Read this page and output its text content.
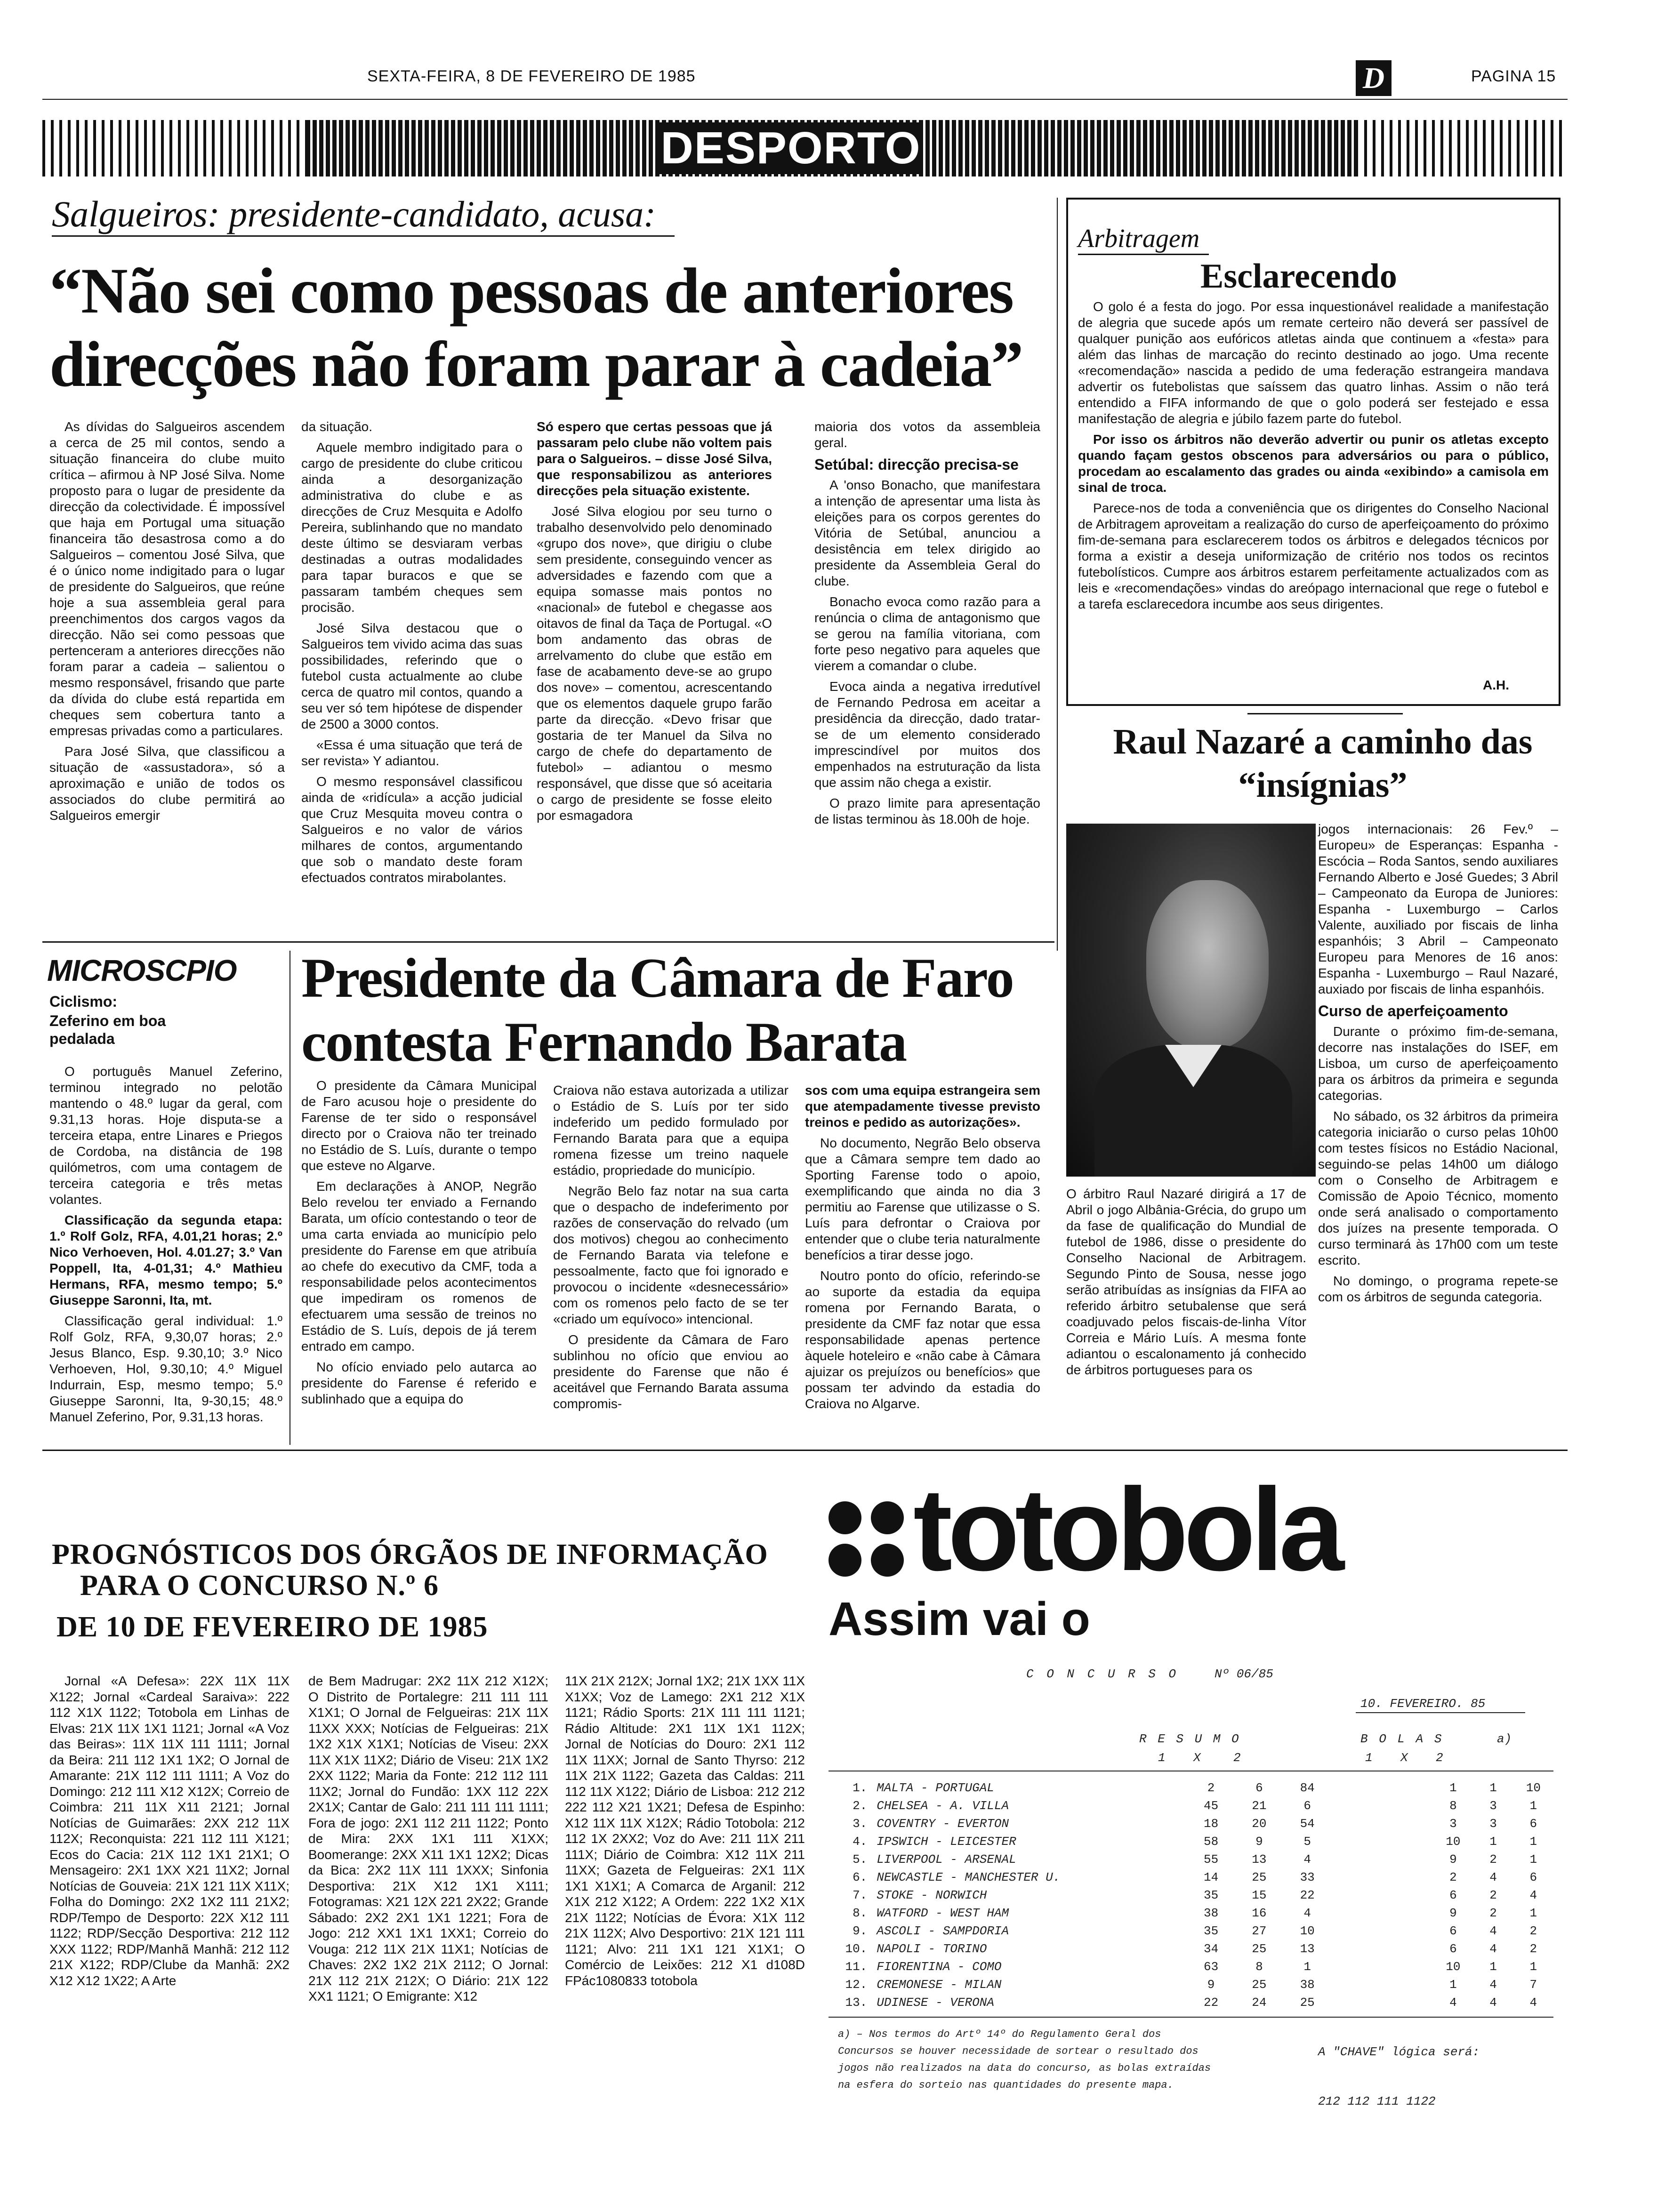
SEXTA-FEIRA, 8 DE FEVEREIRO DE 1985	D	PAGINA 15
DESPORTO
Salgueiros: presidente-candidato, acusa:
“Não sei como pessoas de anteriores direcções não foram parar à cadeia”

As dívidas do Salgueiros ascendem a cerca de 25 mil contos, sendo a situação financeira do clube muito crítica – afirmou à NP José Silva. Nome proposto para o lugar de presidente da direcção da colectividade. É impossível que haja em Portugal uma situação financeira tão desastrosa como a do Salgueiros – comentou José Silva, que é o único nome indigitado para o lugar de presidente do Salgueiros, que reúne hoje a sua assembleia geral para preenchimentos dos cargos vagos da direcção. Não sei como pessoas que pertenceram a anteriores direcções não foram parar a cadeia – salientou o mesmo responsável, frisando que parte da dívida do clube está repartida em cheques sem cobertura tanto a empresas privadas como a particulares.

Para José Silva, que classificou a situação de «assustadora», só a aproximação e união de todos os associados do clube permitirá ao Salgueiros emergir

da situação.

Aquele membro indigitado para o cargo de presidente do clube criticou ainda a desorganização administrativa do clube e as direcções de Cruz Mesquita e Adolfo Pereira, sublinhando que no mandato deste último se desviaram verbas destinadas a outras modalidades para tapar buracos e que se passaram também cheques sem procisão.

José Silva destacou que o Salgueiros tem vivido acima das suas possibilidades, referindo que o futebol custa actualmente ao clube cerca de quatro mil contos, quando a seu ver só tem hipótese de dispender de 2500 a 3000 contos.

«Essa é uma situação que terá de ser revista» Y adiantou.

O mesmo responsável classificou ainda de «ridícula» a acção judicial que Cruz Mesquita moveu contra o Salgueiros e no valor de vários milhares de contos, argumentando que sob o mandato deste foram efectuados contratos mirabolantes.

Só espero que certas pessoas que já passaram pelo clube não voltem pais para o Salgueiros. – disse José Silva, que responsabilizou as anteriores direcções pela situação existente.

José Silva elogiou por seu turno o trabalho desenvolvido pelo denominado «grupo dos nove», que dirigiu o clube sem presidente, conseguindo vencer as adversidades e fazendo com que a equipa somasse mais pontos no «nacional» de futebol e chegasse aos oitavos de final da Taça de Portugal. «O bom andamento das obras de arrelvamento do clube que estão em fase de acabamento deve-se ao grupo dos nove» – comentou, acrescentando que os elementos daquele grupo farão parte da direcção. «Devo frisar que gostaria de ter Manuel da Silva no cargo de chefe do departamento de futebol» – adiantou o mesmo responsável, que disse que só aceitaria o cargo de presidente se fosse eleito por esmagadora

maioria dos votos da assembleia geral.

Setúbal: direcção precisa-se

A 'onso Bonacho, que manifestara a intenção de apresentar uma lista às eleições para os corpos gerentes do Vitória de Setúbal, anunciou a desistência em telex dirigido ao presidente da Assembleia Geral do clube.

Bonacho evoca como razão para a renúncia o clima de antagonismo que se gerou na família vitoriana, com forte peso negativo para aqueles que vierem a comandar o clube.

Evoca ainda a negativa irredutível de Fernando Pedrosa em aceitar a presidência da direcção, dado tratar-se de um elemento considerado imprescindível por muitos dos empenhados na estruturação da lista que assim não chega a existir.

O prazo limite para apresentação de listas terminou às 18.00h de hoje.

Arbitragem
Esclarecendo

O golo é a festa do jogo. Por essa inquestionável realidade a manifestação de alegria que sucede após um remate certeiro não deverá ser passível de qualquer punição aos eufóricos atletas ainda que continuem a «festa» para além das linhas de marcação do recinto destinado ao jogo. Uma recente «recomendação» nascida a pedido de uma federação estrangeira mandava advertir os futebolistas que saíssem das quatro linhas. Assim o não terá entendido a FIFA informando de que o golo poderá ser festejado e essa manifestação de alegria e júbilo fazem parte do futebol.

Por isso os árbitros não deverão advertir ou punir os atletas excepto quando façam gestos obscenos para adversários ou para o público, procedam ao escalamento das grades ou ainda «exibindo» a camisola em sinal de troca.

Parece-nos de toda a conveniência que os dirigentes do Conselho Nacional de Arbitragem aproveitam a realização do curso de aperfeiçoamento do próximo fim-de-semana para esclarecerem todos os árbitros e delegados técnicos por forma a existir a deseja uniformização de critério nos todos os recintos futebolísticos. Cumpre aos árbitros estarem perfeitamente actualizados com as leis e «recomendações» vindas do areópago internacional que rege o futebol e a tarefa esclarecedora incumbe aos seus dirigentes.

A.H.
Raul Nazaré a caminho das “insígnias”

jogos internacionais: 26 Fev.º – Europeu» de Esperanças: Espanha - Escócia – Roda Santos, sendo auxiliares Fernando Alberto e José Guedes; 3 Abril – Campeonato da Europa de Juniores: Espanha - Luxemburgo – Carlos Valente, auxiliado por fiscais de linha espanhóis; 3 Abril – Campeonato Europeu para Menores de 16 anos: Espanha - Luxemburgo – Raul Nazaré, auxiado por fiscais de linha espanhóis.

Curso de aperfeiçoamento

Durante o próximo fim-de-semana, decorre nas instalações do ISEF, em Lisboa, um curso de aperfeiçoamento para os árbitros da primeira e segunda categorias.

No sábado, os 32 árbitros da primeira categoria iniciarão o curso pelas 10h00 com testes físicos no Estádio Nacional, seguindo-se pelas 14h00 um diálogo com o Conselho de Arbitragem e Comissão de Apoio Técnico, momento onde será analisado o comportamento dos juízes na presente temporada. O curso terminará às 17h00 com um teste escrito.

No domingo, o programa repete-se com os árbitros de segunda categoria.

O árbitro Raul Nazaré dirigirá a 17 de Abril o jogo Albânia-Grécia, do grupo um da fase de qualificação do Mundial de futebol de 1986, disse o presidente do Conselho Nacional de Arbitragem. Segundo Pinto de Sousa, nesse jogo serão atribuídas as insígnias da FIFA ao referido árbitro setubalense que será coadjuvado pelos fiscais-de-linha Vítor Correia e Mário Luís. A mesma fonte adiantou o escalonamento já conhecido de árbitros portugueses para os

MICROSCPIO
Ciclismo:
Zeferino em boa pedalada

O português Manuel Zeferino, terminou integrado no pelotão mantendo o 48.º lugar da geral, com 9.31,13 horas. Hoje disputa-se a terceira etapa, entre Linares e Priegos de Cordoba, na distância de 198 quilómetros, com uma contagem de terceira categoria e três metas volantes.

Classificação da segunda etapa: 1.º Rolf Golz, RFA, 4.01,21 horas; 2.º Nico Verhoeven, Hol. 4.01.27; 3.º Van Poppell, Ita, 4-01,31; 4.º Mathieu Hermans, RFA, mesmo tempo; 5.º Giuseppe Saronni, Ita, mt.

Classificação geral individual: 1.º Rolf Golz, RFA, 9,30,07 horas; 2.º Jesus Blanco, Esp. 9.30,10; 3.º Nico Verhoeven, Hol, 9.30,10; 4.º Miguel Indurrain, Esp, mesmo tempo; 5.º Giuseppe Saronni, Ita, 9-30,15; 48.º Manuel Zeferino, Por, 9.31,13 horas.

Presidente da Câmara de Faro contesta Fernando Barata

O presidente da Câmara Municipal de Faro acusou hoje o presidente do Farense de ter sido o responsável directo por o Craiova não ter treinado no Estádio de S. Luís, durante o tempo que esteve no Algarve.

Em declarações à ANOP, Negrão Belo revelou ter enviado a Fernando Barata, um ofício contestando o teor de uma carta enviada ao município pelo presidente do Farense em que atribuía ao chefe do executivo da CMF, toda a responsabilidade pelos acontecimentos que impediram os romenos de efectuarem uma sessão de treinos no Estádio de S. Luís, depois de já terem entrado em campo.

No ofício enviado pelo autarca ao presidente do Farense é referido e sublinhado que a equipa do

Craiova não estava autorizada a utilizar o Estádio de S. Luís por ter sido indeferido um pedido formulado por Fernando Barata para que a equipa romena fizesse um treino naquele estádio, propriedade do município.

Negrão Belo faz notar na sua carta que o despacho de indeferimento por razões de conservação do relvado (um dos motivos) chegou ao conhecimento de Fernando Barata via telefone e pessoalmente, facto que foi ignorado e provocou o incidente «desnecessário» com os romenos pelo facto de se ter «criado um equívoco» intencional.

O presidente da Câmara de Faro sublinhou no ofício que enviou ao presidente do Farense que não é aceitável que Fernando Barata assuma compromis-

sos com uma equipa estrangeira sem que atempadamente tivesse previsto treinos e pedido as autorizações».

No documento, Negrão Belo observa que a Câmara sempre tem dado ao Sporting Farense todo o apoio, exemplificando que ainda no dia 3 permitiu ao Farense que utilizasse o S. Luís para defrontar o Craiova por entender que o clube teria naturalmente benefícios a tirar desse jogo.

Noutro ponto do ofício, referindo-se ao suporte da estadia da equipa romena por Fernando Barata, o presidente da CMF faz notar que essa responsabilidade apenas pertence àquele hoteleiro e «não cabe à Câmara ajuizar os prejuízos ou benefícios» que possam ter advindo da estadia do Craiova no Algarve.

PROGNÓSTICOS DOS ÓRGÃOS DE INFORMAÇÃO
PARA O CONCURSO N.º 6
DE 10 DE FEVEREIRO DE 1985

Jornal «A Defesa»: 22X 11X 11X X122; Jornal «Cardeal Saraiva»: 222 112 X1X 1122; Totobola em Linhas de Elvas: 21X 11X 1X1 1121; Jornal «A Voz das Beiras»: 11X 11X 111 1111; Jornal da Beira: 211 112 1X1 1X2; O Jornal de Amarante: 21X 112 111 1111; A Voz do Domingo: 212 111 X12 X12X; Correio de Coimbra: 211 11X X11 2121; Jornal Notícias de Guimarães: 2XX 212 11X 112X; Reconquista: 221 112 111 X121; Ecos do Cacia: 21X 112 1X1 21X1; O Mensageiro: 2X1 1XX X21 11X2; Jornal Notícias de Gouveia: 21X 121 11X X11X; Folha do Domingo: 2X2 1X2 111 21X2; RDP/Tempo de Desporto: 22X X12 111 1122; RDP/Secção Desportiva: 212 112 XXX 1122; RDP/Manhã Manhã: 212 112 21X X122; RDP/Clube da Manhã: 2X2 X12 X12 1X22; A Arte

de Bem Madrugar: 2X2 11X 212 X12X; O Distrito de Portalegre: 211 111 111 X1X1; O Jornal de Felgueiras: 21X 11X 11XX XXX; Notícias de Felgueiras: 21X 1X2 X1X X1X1; Notícias de Viseu: 2XX 11X X1X 11X2; Diário de Viseu: 21X 1X2 2XX 1122; Maria da Fonte: 212 112 111 11X2; Jornal do Fundão: 1XX 112 22X 2X1X; Cantar de Galo: 211 111 111 1111; Fora de jogo: 2X1 112 211 1122; Ponto de Mira: 2XX 1X1 111 X1XX; Boomerange: 2XX X11 1X1 12X2; Dicas da Bica: 2X2 11X 111 1XXX; Sinfonia Desportiva: 21X X12 1X1 X111; Fotogramas: X21 12X 221 2X22; Grande Sábado: 2X2 2X1 1X1 1221; Fora de Jogo: 212 XX1 1X1 1XX1; Correio do Vouga: 212 11X 21X 11X1; Notícias de Chaves: 2X2 1X2 21X 2112; O Jornal: 21X 112 21X 212X; O Diário: 21X 122 XX1 1121; O Emigrante: X12

11X 21X 212X; Jornal 1X2; 21X 1XX 11X X1XX; Voz de Lamego: 2X1 212 X1X 1121; Rádio Sports: 21X 111 111 1121; Rádio Altitude: 2X1 11X 1X1 112X; Jornal de Notícias do Douro: 2X1 112 11X 11XX; Jornal de Santo Thyrso: 212 11X 21X 1122; Gazeta das Caldas: 211 112 11X X122; Diário de Lisboa: 212 212 222 112 X21 1X21; Defesa de Espinho: X12 11X 11X X12X; Rádio Totobola: 212 112 1X 2XX2; Voz do Ave: 211 11X 211 111X; Diário de Coimbra: X12 11X 211 11XX; Gazeta de Felgueiras: 2X1 11X 1X1 X1X1; A Comarca de Arganil: 212 X1X 212 X122; A Ordem: 222 1X2 X1X 21X 1122; Notícias de Évora: X1X 112 21X 112X; Alvo Desportivo: 21X 121 111 1121; Alvo: 211 1X1 121 X1X1; O Comércio de Leixões: 212 X1 d108D FPác1080833 totobola

totobola
Assim vai o
C O N C U R S O	Nº 06/85
10. FEVEREIRO. 85
R E S U M O	B O L A S	a)
1 X	2	1 X 2
1.	MALTA - PORTUGAL	2	6	84		1	1	10
2.	CHELSEA - A. VILLA	45	21	6		8	3	1
3.	COVENTRY - EVERTON	18	20	54		3	3	6
4.	IPSWICH - LEICESTER	58	9	5		10	1	1
5.	LIVERPOOL - ARSENAL	55	13	4		9	2	1
6.	NEWCASTLE - MANCHESTER U.	14	25	33		2	4	6
7.	STOKE - NORWICH	35	15	22		6	2	4
8.	WATFORD - WEST HAM	38	16	4		9	2	1
9.	ASCOLI - SAMPDORIA	35	27	10		6	4	2
10.	NAPOLI - TORINO	34	25	13		6	4	2
11.	FIORENTINA - COMO	63	8	1		10	1	1
12.	CREMONESE - MILAN	9	25	38		1	4	7
13.	UDINESE - VERONA	22	24	25		4	4	4
a) – Nos termos do Artº 14º do Regulamento Geral dos Concursos se houver necessidade de sortear o resultado dos jogos não realizados na data do concurso, as bolas extraídas na esfera do sorteio nas quantidades do presente mapa.
A "CHAVE" lógica será:
212 112 111 1122
